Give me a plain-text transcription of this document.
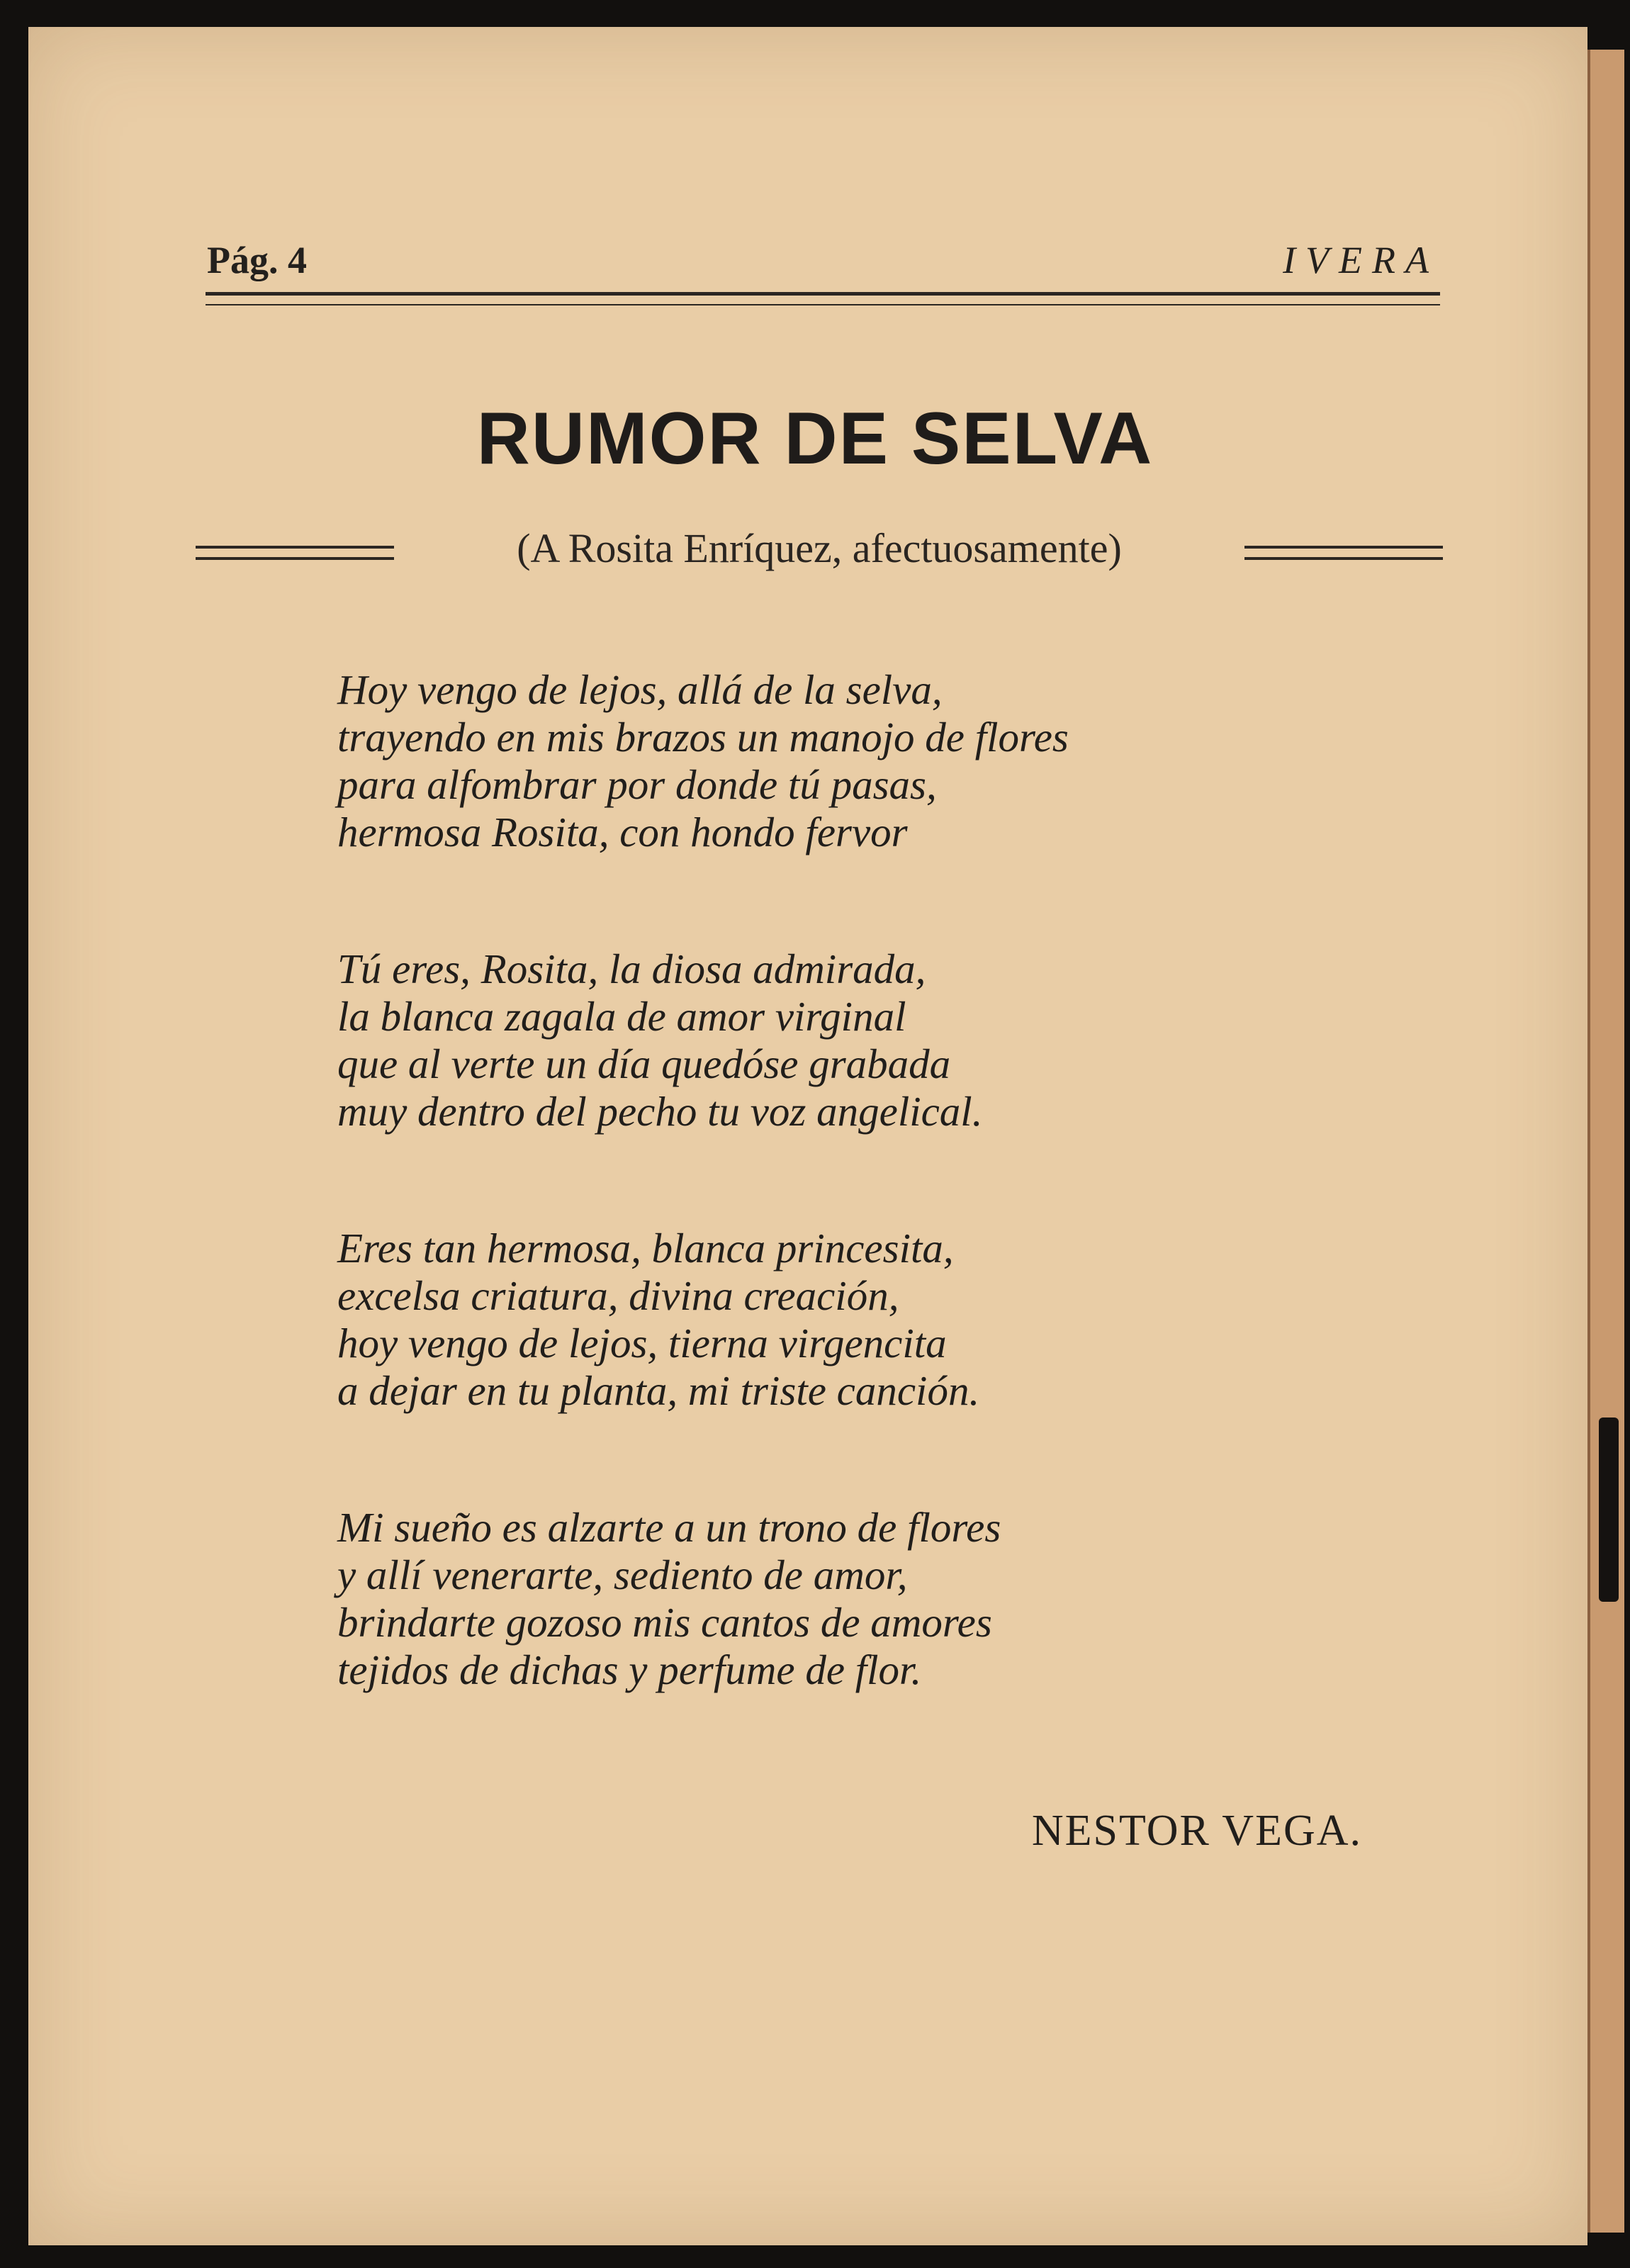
Pág. 4	IVERA
RUMOR DE SELVA
(A Rosita Enríquez, afectuosamente)
Hoy vengo de lejos, allá de la selva,
trayendo en mis brazos un manojo de flores
para alfombrar por donde tú pasas,
hermosa Rosita, con hondo fervor
Tú eres, Rosita, la diosa admirada,
la blanca zagala de amor virginal
que al verte un día quedóse grabada
muy dentro del pecho tu voz angelical.
Eres tan hermosa, blanca princesita,
excelsa criatura, divina creación,
hoy vengo de lejos, tierna virgencita
a dejar en tu planta, mi triste canción.
Mi sueño es alzarte a un trono de flores
y allí venerarte, sediento de amor,
brindarte gozoso mis cantos de amores
tejidos de dichas y perfume de flor.
NESTOR VEGA.
